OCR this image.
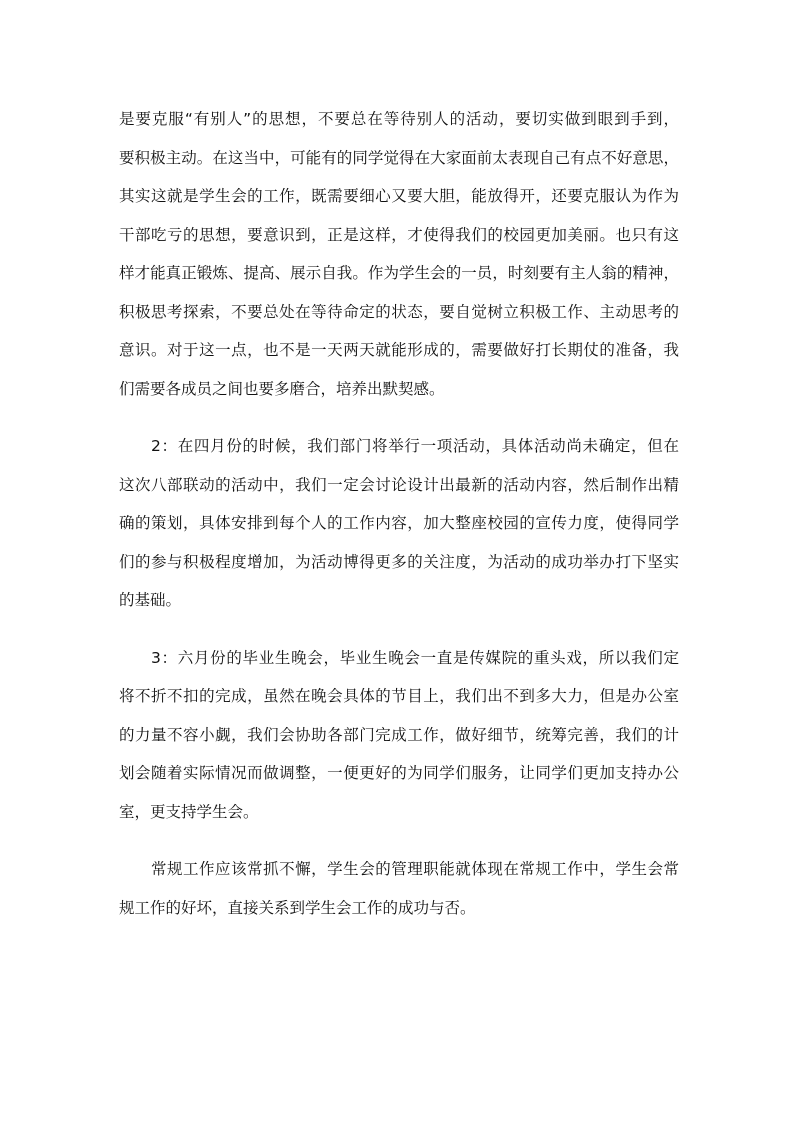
是要克服“有别人”的思想，不要总在等待别人的活动，要切实做到眼到手到，
要积极主动。在这当中，可能有的同学觉得在大家面前太表现自己有点不好意思，
其实这就是学生会的工作，既需要细心又要大胆，能放得开，还要克服认为作为
干部吃亏的思想，要意识到，正是这样，才使得我们的校园更加美丽。也只有这
样才能真正锻炼、提高、展示自我。作为学生会的一员，时刻要有主人翁的精神，
积极思考探索，不要总处在等待命定的状态，要自觉树立积极工作、主动思考的
意识。对于这一点，也不是一天两天就能形成的，需要做好打长期仗的准备，我
们需要各成员之间也要多磨合，培养出默契感。
2：在四月份的时候，我们部门将举行一项活动，具体活动尚未确定，但在
这次八部联动的活动中，我们一定会讨论设计出最新的活动内容，然后制作出精
确的策划，具体安排到每个人的工作内容，加大整座校园的宣传力度，使得同学
们的参与积极程度增加，为活动博得更多的关注度，为活动的成功举办打下坚实
的基础。
3：六月份的毕业生晚会，毕业生晚会一直是传媒院的重头戏，所以我们定
将不折不扣的完成，虽然在晚会具体的节目上，我们出不到多大力，但是办公室
的力量不容小觑，我们会协助各部门完成工作，做好细节，统筹完善，我们的计
划会随着实际情况而做调整，一便更好的为同学们服务，让同学们更加支持办公
室，更支持学生会。
常规工作应该常抓不懈，学生会的管理职能就体现在常规工作中，学生会常
规工作的好坏，直接关系到学生会工作的成功与否。
